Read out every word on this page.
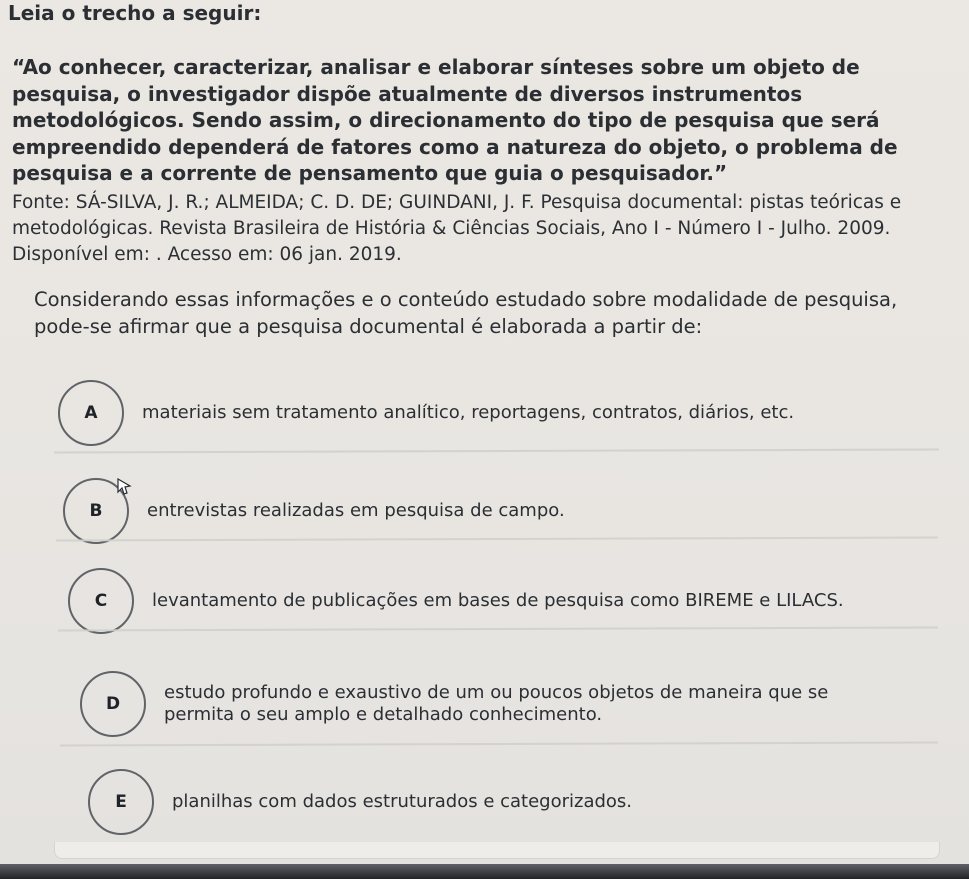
Leia o trecho a seguir:
“Ao conhecer, caracterizar, analisar e elaborar sínteses sobre um objeto de pesquisa, o investigador dispõe atualmente de diversos instrumentos metodológicos. Sendo assim, o direcionamento do tipo de pesquisa que será empreendido dependerá de fatores como a natureza do objeto, o problema de pesquisa e a corrente de pensamento que guia o pesquisador.”
Fonte: SÁ-SILVA, J. R.; ALMEIDA; C. D. DE; GUINDANI, J. F. Pesquisa documental: pistas teóricas e metodológicas. Revista Brasileira de História & Ciências Sociais, Ano I - Número I - Julho. 2009. Disponível em: . Acesso em: 06 jan. 2019.
Considerando essas informações e o conteúdo estudado sobre modalidade de pesquisa, pode-se afirmar que a pesquisa documental é elaborada a partir de:
A	materiais sem tratamento analítico, reportagens, contratos, diários, etc.
B	entrevistas realizadas em pesquisa de campo.
C	levantamento de publicações em bases de pesquisa como BIREME e LILACS.
D
estudo profundo e exaustivo de um ou poucos objetos de maneira que se
permita o seu amplo e detalhado conhecimento.
E	planilhas com dados estruturados e categorizados.
